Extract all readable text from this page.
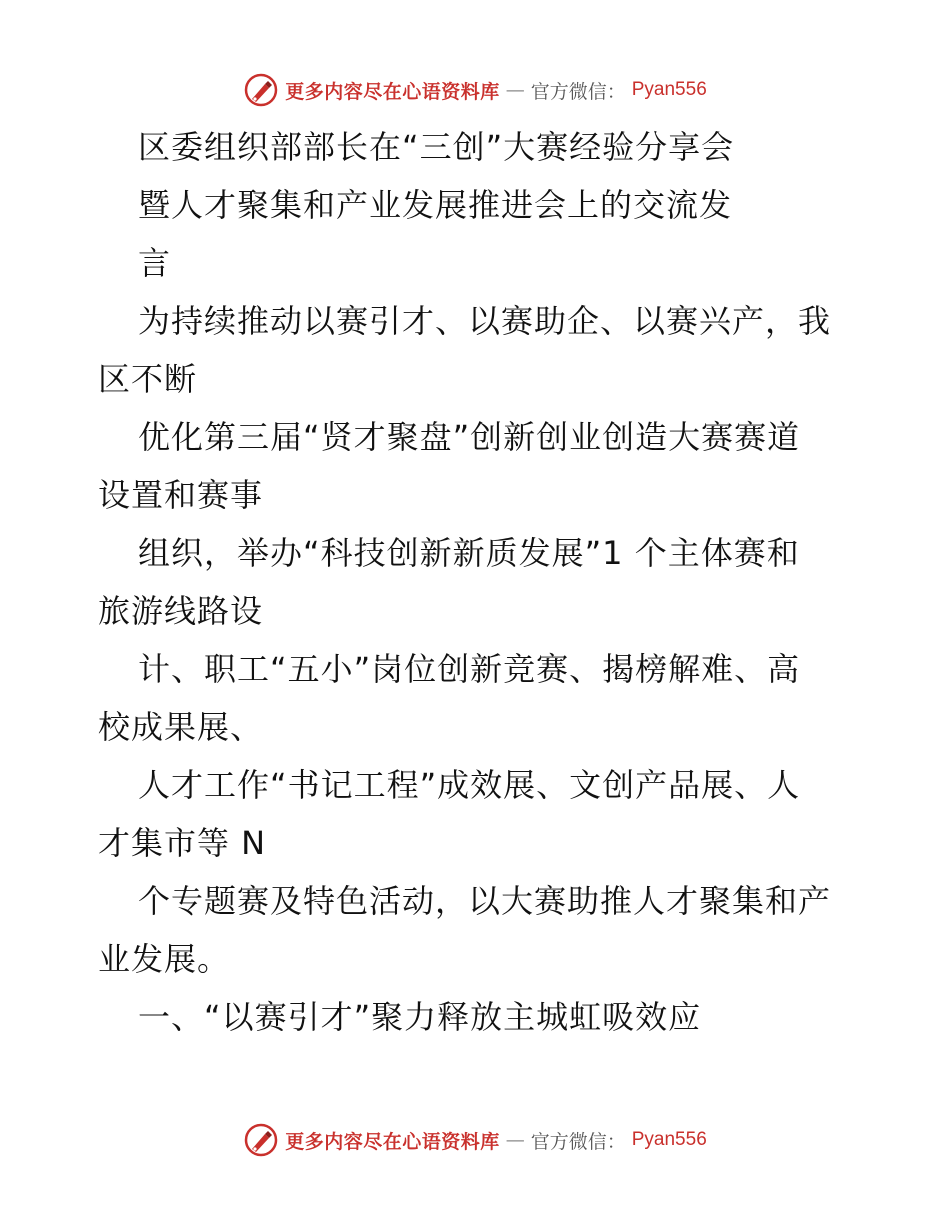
更多内容尽在心语资料库 — 官方微信： Pyan556
区委组织部部长在“三创”大赛经验分享会
暨人才聚集和产业发展推进会上的交流发
言
为持续推动以赛引才、以赛助企、以赛兴产，我
区不断
优化第三届“贤才聚盘”创新创业创造大赛赛道
设置和赛事
组织，举办“科技创新新质发展”1 个主体赛和
旅游线路设
计、职工“五小”岗位创新竞赛、揭榜解难、高
校成果展、
人才工作“书记工程”成效展、文创产品展、人
才集市等 N
个专题赛及特色活动，以大赛助推人才聚集和产
业发展。
一、“以赛引才”聚力释放主城虹吸效应
更多内容尽在心语资料库 — 官方微信： Pyan556
